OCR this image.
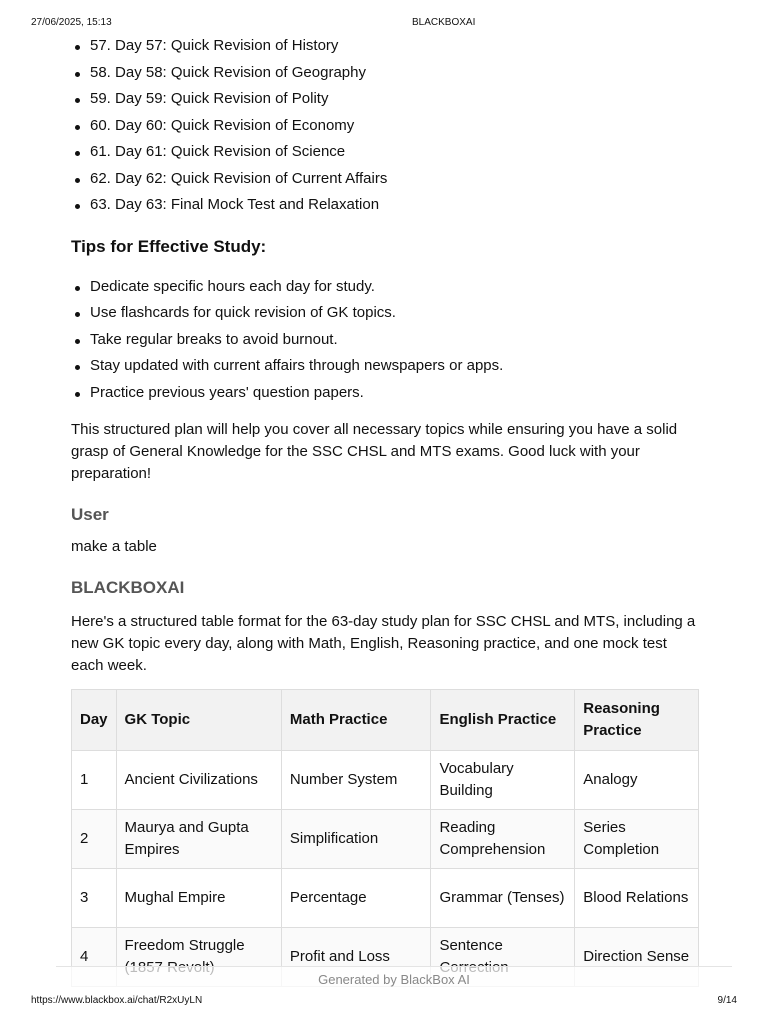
27/06/2025, 15:13	BLACKBOXAI
57. Day 57: Quick Revision of History
58. Day 58: Quick Revision of Geography
59. Day 59: Quick Revision of Polity
60. Day 60: Quick Revision of Economy
61. Day 61: Quick Revision of Science
62. Day 62: Quick Revision of Current Affairs
63. Day 63: Final Mock Test and Relaxation
Tips for Effective Study:
Dedicate specific hours each day for study.
Use flashcards for quick revision of GK topics.
Take regular breaks to avoid burnout.
Stay updated with current affairs through newspapers or apps.
Practice previous years' question papers.

This structured plan will help you cover all necessary topics while ensuring you have a solid grasp of General Knowledge for the SSC CHSL and MTS exams. Good luck with your preparation!

User

make a table

BLACKBOXAI

Here's a structured table format for the 63-day study plan for SSC CHSL and MTS, including a new GK topic every day, along with Math, English, Reasoning practice, and one mock test each week.

Day	GK Topic	Math Practice	English Practice	Reasoning Practice
1	Ancient Civilizations	Number System	Vocabulary Building	Analogy
2	Maurya and Gupta Empires	Simplification	Reading Comprehension	Series Completion
3	Mughal Empire	Percentage	Grammar (Tenses)	Blood Relations
4	Freedom Struggle	Profit and Loss	Sentence	Direction Sense
Generated by BlackBox AI
https://www.blackbox.ai/chat/R2xUyLN	9/14
